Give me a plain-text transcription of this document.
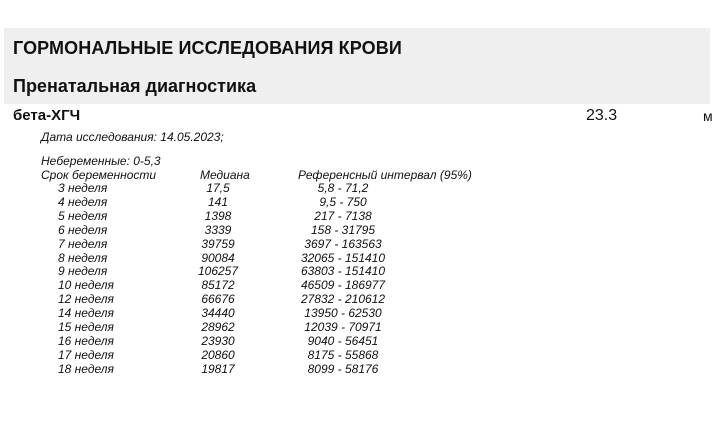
ГОРМОНАЛЬНЫЕ ИССЛЕДОВАНИЯ КРОВИ
Пренатальная диагностика
бета-ХГЧ	23.3	м
Дата исследования: 14.05.2023;
Небеременные: 0-5,3
Срок беременности	Медиана	Референсный интервал (95%)
3 неделя	17,5	5,8 - 71,2
4 неделя	141	9,5 - 750
5 неделя	1398	217 - 7138
6 неделя	3339	158 - 31795
7 неделя	39759	3697 - 163563
8 неделя	90084	32065 - 151410
9 неделя	106257	63803 - 151410
10 неделя	85172	46509 - 186977
12 неделя	66676	27832 - 210612
14 неделя	34440	13950 - 62530
15 неделя	28962	12039 - 70971
16 неделя	23930	9040 - 56451
17 неделя	20860	8175 - 55868
18 неделя	19817	8099 - 58176
